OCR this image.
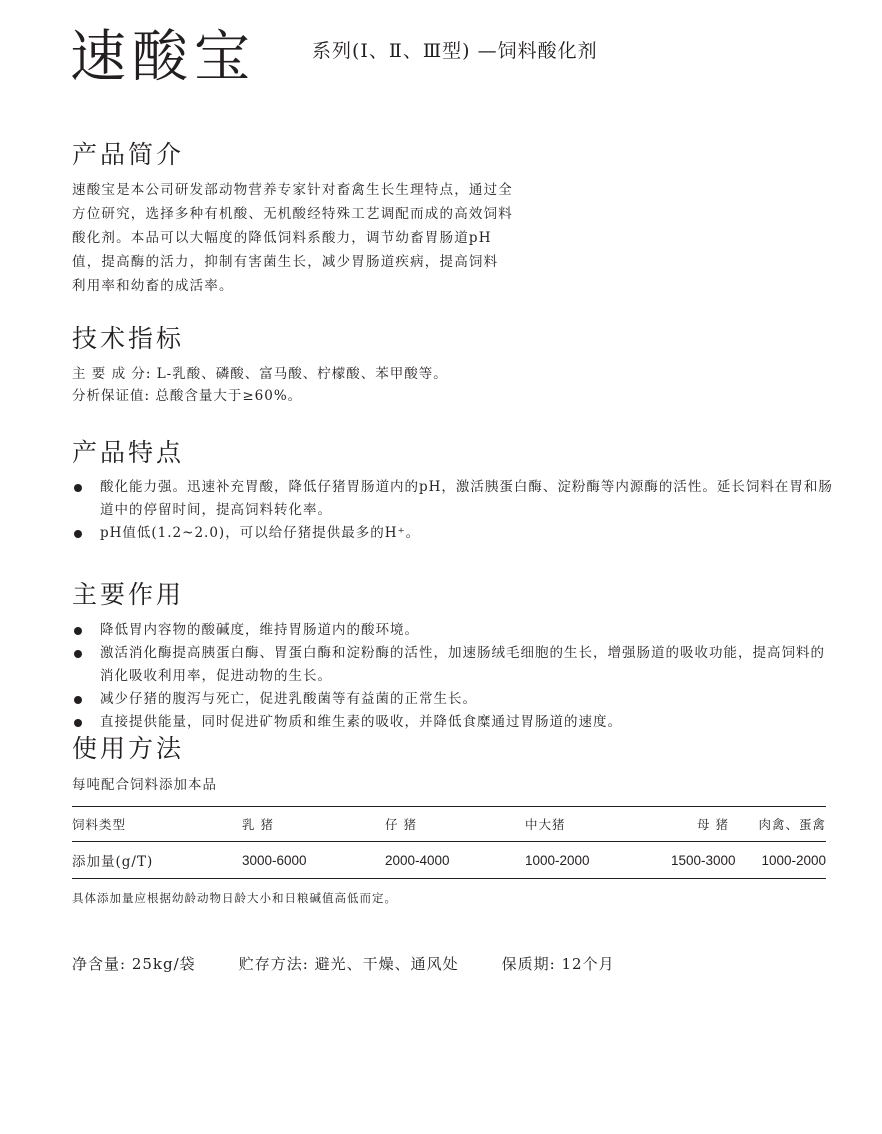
速酸宝	系列(Ⅰ、Ⅱ、Ⅲ型) —饲料酸化剂
产品简介

速酸宝是本公司研发部动物营养专家针对畜禽生长生理特点，通过全

方位研究，选择多种有机酸、无机酸经特殊工艺调配而成的高效饲料

酸化剂。本品可以大幅度的降低饲料系酸力，调节幼畜胃肠道pH

值，提高酶的活力，抑制有害菌生长，减少胃肠道疾病，提高饲料

利用率和幼畜的成活率。

技术指标

主 要 成 分: L-乳酸、磷酸、富马酸、柠檬酸、苯甲酸等。

分析保证值: 总酸含量大于≥60%。

产品特点
酸化能力强。迅速补充胃酸，降低仔猪胃肠道内的pH，激活胰蛋白酶、淀粉酶等内源酶的活性。延长饲料在胃和肠道中的停留时间，提高饲料转化率。
pH值低(1.2~2.0)，可以给仔猪提供最多的H⁺。
主要作用
降低胃内容物的酸碱度，维持胃肠道内的酸环境。
激活消化酶提高胰蛋白酶、胃蛋白酶和淀粉酶的活性，加速肠绒毛细胞的生长，增强肠道的吸收功能，提高饲料的消化吸收利用率，促进动物的生长。
减少仔猪的腹泻与死亡，促进乳酸菌等有益菌的正常生长。
直接提供能量，同时促进矿物质和维生素的吸收，并降低食糜通过胃肠道的速度。
使用方法
每吨配合饲料添加本品
饲料类型	乳 猪	仔 猪	中大猪	母 猪	肉禽、蛋禽
添加量(g/T)	3000-6000	2000-4000	1000-2000	1500-3000	1000-2000
具体添加量应根据幼龄动物日龄大小和日粮碱值高低而定。
净含量: 25kg/袋	贮存方法: 避光、干燥、通风处	保质期: 12个月
